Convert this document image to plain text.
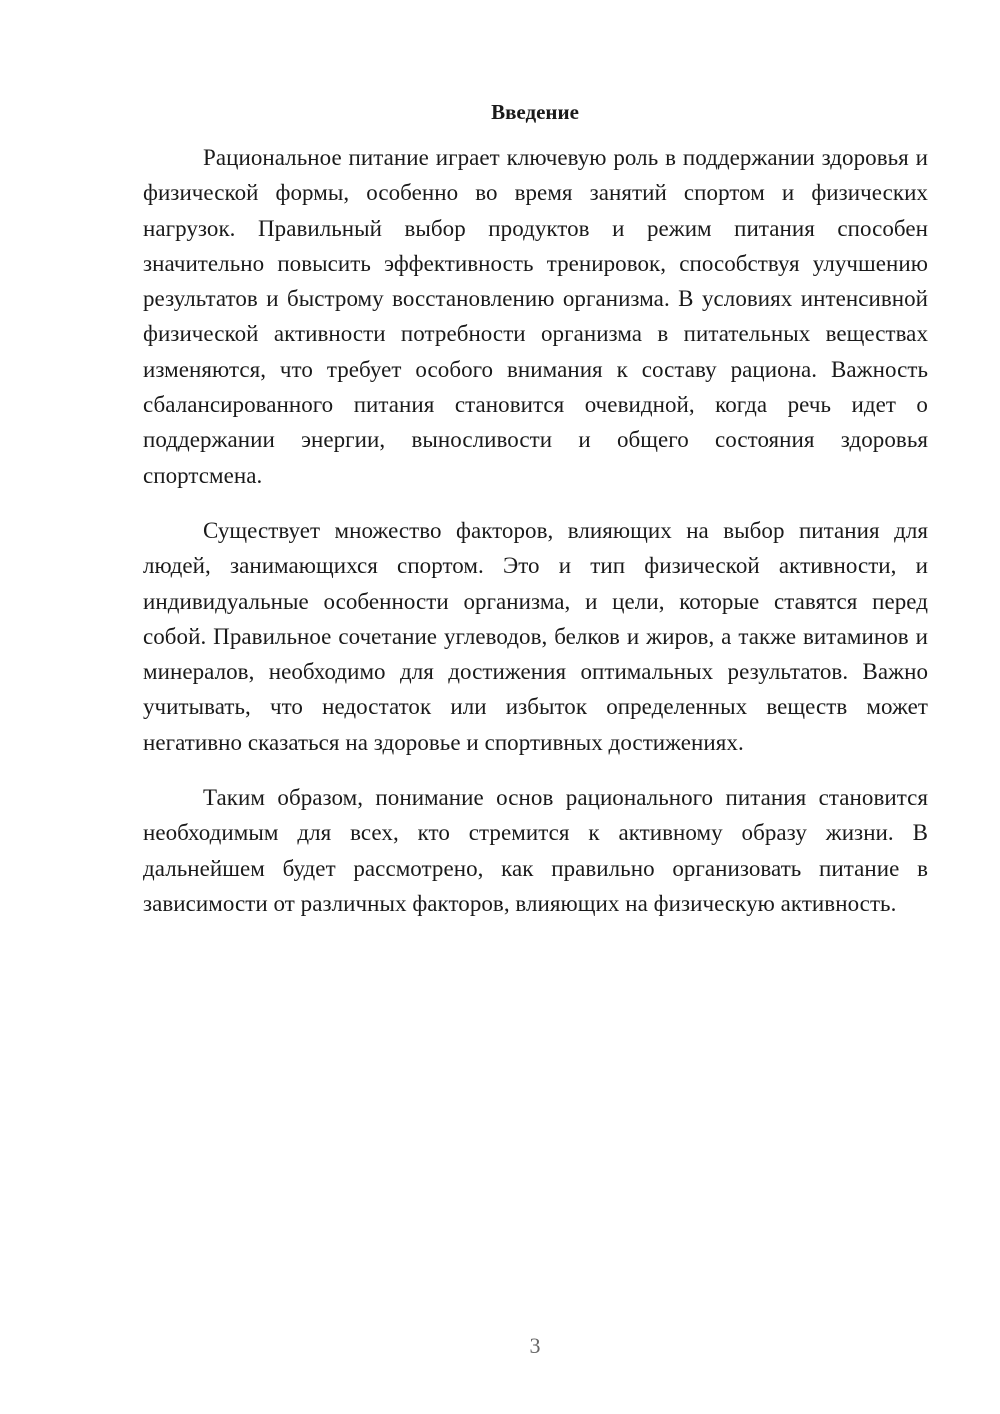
Введение

Рациональное питание играет ключевую роль в поддержании здоровья и физической формы, особенно во время занятий спортом и физических нагрузок. Правильный выбор продуктов и режим питания способен значительно повысить эффективность тренировок, способствуя улучшению результатов и быстрому восстановлению организма. В условиях интенсивной физической активности потребности организма в питательных веществах изменяются, что требует особого внимания к составу рациона. Важность сбалансированного питания становится очевидной, когда речь идет о поддержании энергии, выносливости и общего состояния здоровья спортсмена.

Существует множество факторов, влияющих на выбор питания для людей, занимающихся спортом. Это и тип физической активности, и индивидуальные особенности организма, и цели, которые ставятся перед собой. Правильное сочетание углеводов, белков и жиров, а также витаминов и минералов, необходимо для достижения оптимальных результатов. Важно учитывать, что недостаток или избыток определенных веществ может негативно сказаться на здоровье и спортивных достижениях.

Таким образом, понимание основ рационального питания становится необходимым для всех, кто стремится к активному образу жизни. В дальнейшем будет рассмотрено, как правильно организовать питание в зависимости от различных факторов, влияющих на физическую активность.

3
